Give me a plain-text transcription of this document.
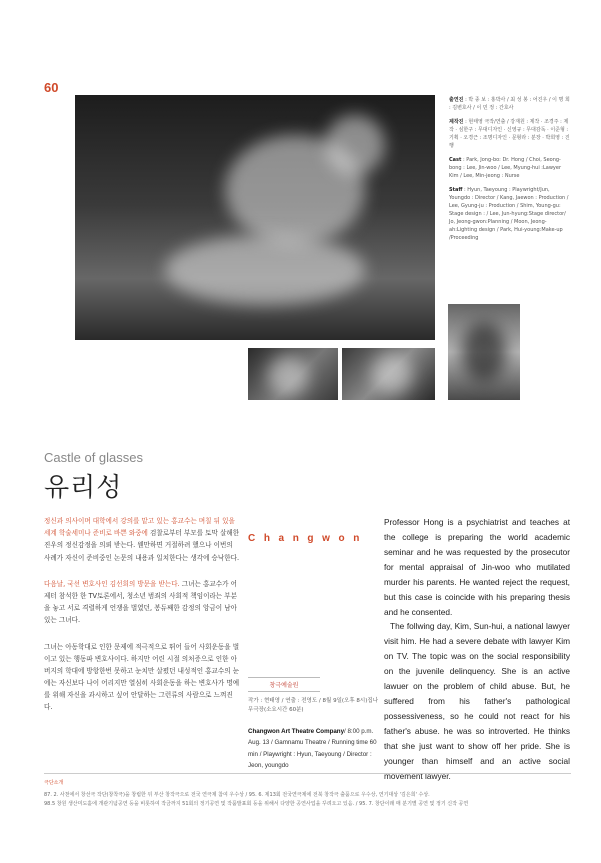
60

출연진 : 박 종 보 : 홍박사 / 최 성 봉 : 어진우 / 이 명 희 : 김변호사 / 이 민 정 : 간호사

제작진 : 현태영 극작/연출 / 강재원 : 제작 · 조경주 : 제작 · 심한구 : 무대디자인 · 신영규 : 무대감독 · 이준형 : 기획 · 오경근 : 조명디자인 · 문형라 : 분장 · 박희영 : 진행

Cast : Park, Jong-bo: Dr. Hong / Choi, Seong-bong : Lee, Jin-woo / Lee, Myung-hui :Lawyer Kim / Lee, Min-jeong : Nurse

Staff : Hyun, Taeyoung : Playwright/Jun, Youngdo : Director / Kang, Jaewon : Production / Lee, Gyung-ju : Production / Shim, Young-gu: Stage design : / Lee, Jun-hyung:Stage director/ Jo, Jeong-gwon:Planning / Moon, Jeong-ah:Lighting design / Park, Hui-young:Make-up /Proceeding

Castle of glasses
유리성

정신과 의사이며 대학에서 강의를 맡고 있는 홍교수는 며칠 뒤 있을 세계 학술세미나 준비로 바쁜 와중에 검찰로부터 부모를 토막 살해한 진우의 정신감정을 의뢰 받는다. 웬만하면 거절하려 했으나 이번의 사례가 자신이 준비중인 논문의 내용과 일치한다는 생각에 승낙한다.

다음날, 국선 변호사인 김선희의 방문을 받는다. 그녀는 홍교수가 어제터 참석한 한 TV토론에서, 청소년 범죄의 사회적 책임이라는 부분을 놓고 서로 격렬하게 언쟁을 벌였던, 봉듀째한 감정의 앙금이 남아 있는 그녀다.

그녀는 아동학대로 인한 문제에 적극적으로 뛰어 들어 사회운동을 벌이고 있는 행동파 변호사이다. 하지만 어린 시절 의처증으로 인한 아버지의 학대에 방항한번 못하고 눈치만 살폈던 내성적인 홍교수의 눈에는 자신보다 나이 어리지만 열심히 사회운동을 하는 변호사가 명예를 위해 자신을 과시하고 싶어 안달하는 그런류의 사람으로 느껴진다.

Changwon
창극예술원

작가 : 현태영 / 연출 : 전영도 / 8월 9일(오후 8시)집나무극장(소요시간 60분)

Changwon Art Theatre Company/ 8:00 p.m. Aug. 13 / Gamnamu Theatre / Running time 60 min / Playwright : Hyun, Taeyoung / Director : Jeon, youngdo

Professor Hong is a psychiatrist and teaches at the college is preparing the world academic seminar and he was requested by the prosecutor for mental appraisal of Jin-woo who mutilated murder his parents. He wanted reject the request, but this case is coincide with his preparing thesis and he consented.

The follwing day, Kim, Sun-hui, a national lawyer visit him. He had a severe debate with lawyer Kim on TV. The topic was on the social responsibility on the juvenile delinquency. She is an active lawuer on the problem of child abuse. But, he suffered from his father's pathological possessiveness, so he could not react for his father's abuse. he was so introverted. He thinks that she just want to show off her pride. She is younger than himself and an active social movement lawyer.

극단소개

87. 2. 사천에서 창선극 작단(창착극)을 창립한 뒤 부산 창작극으로 전국 연극제 참여 우수상 / 95. 6. 제13회 전국연극제에 전북 창작극 출품으로 우수상, 연기대상 '김은희' 수상.

98.5 창원 생산미도홀에 개관기념공연 등을 비롯하여 작금까지 51회의 정기공연 및 작품발표회 등을 위해서 다양한 공연사업을 꾸려오고 있음. / 95. 7. 창단이래 매 분기별 공연 및 정기 신작 공연
